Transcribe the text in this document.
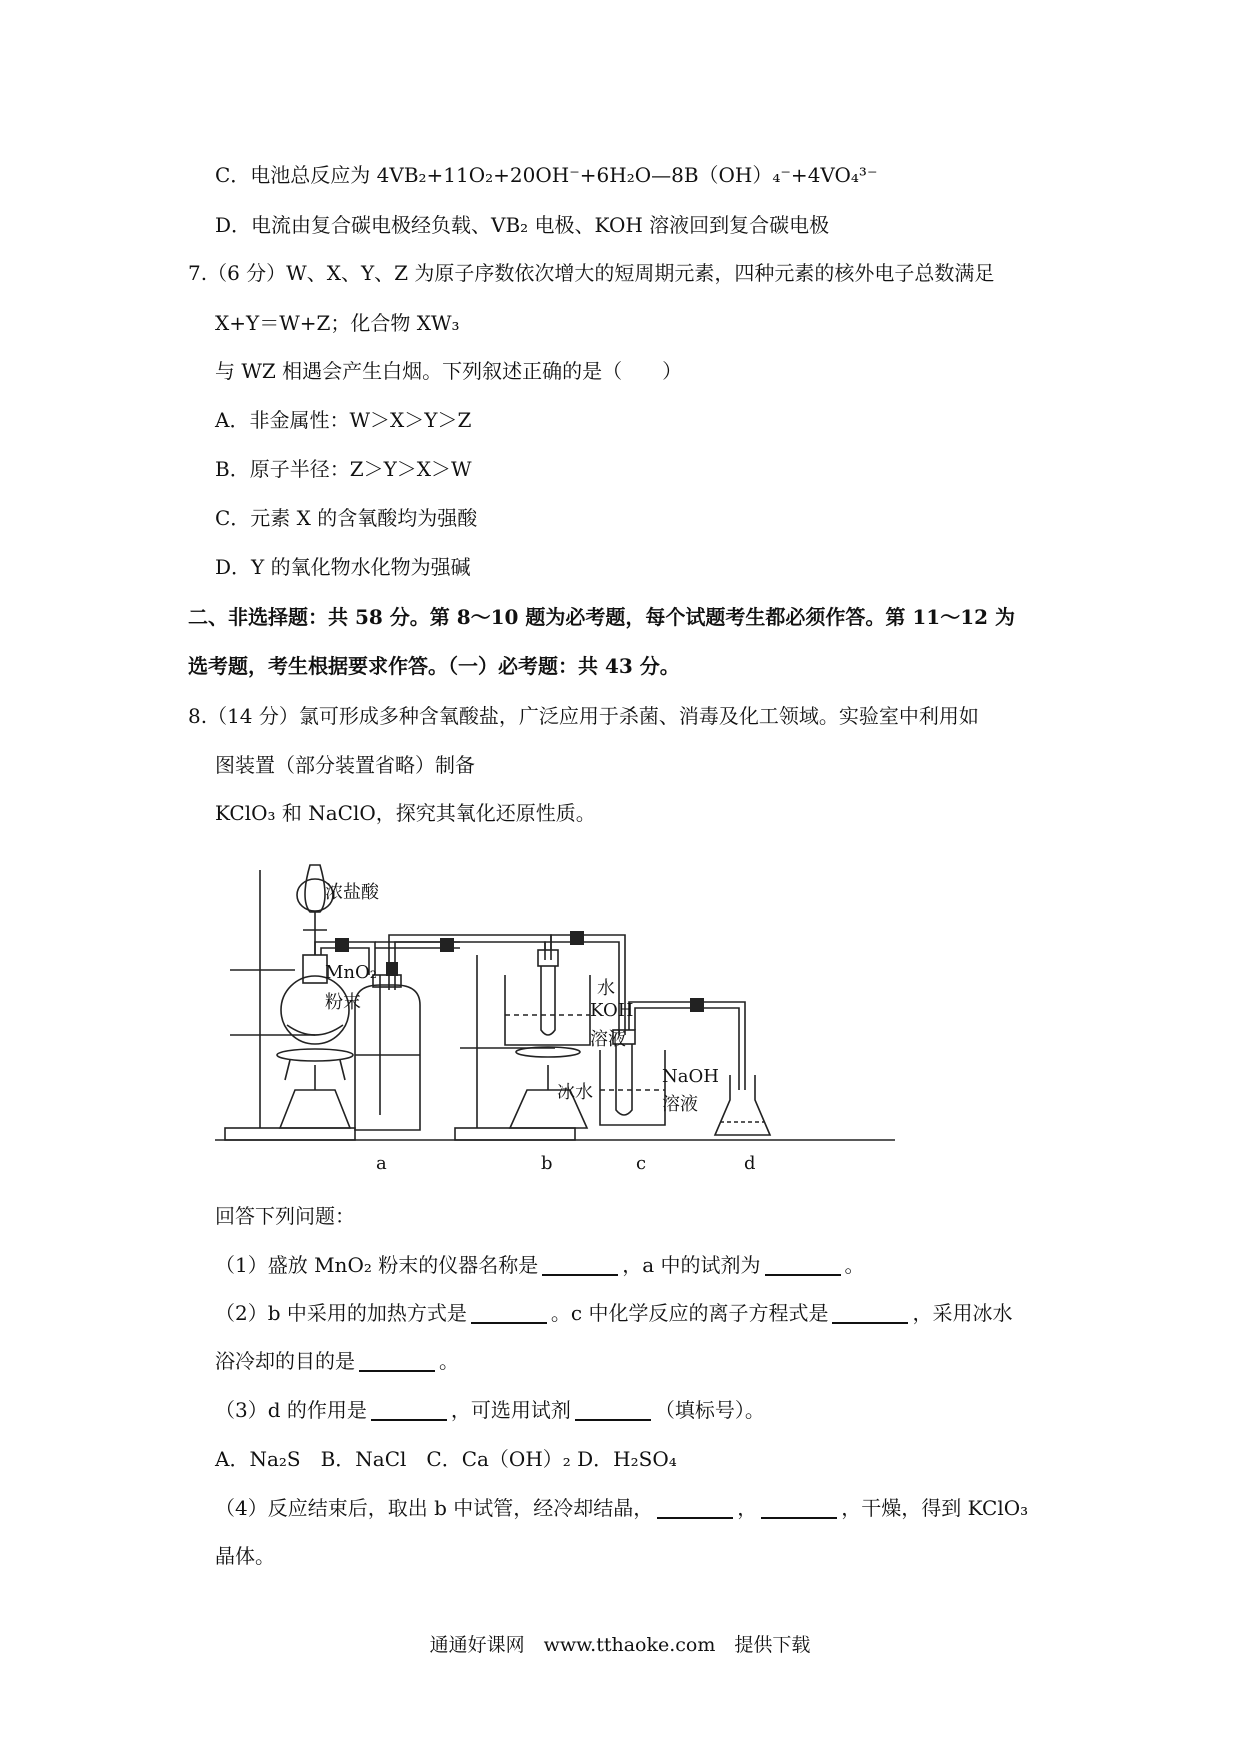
C．电池总反应为 4VB₂+11O₂+20OH⁻+6H₂O—8B（OH）₄⁻+4VO₄³⁻
D．电流由复合碳电极经负载、VB₂ 电极、KOH 溶液回到复合碳电极
7.（6 分）W、X、Y、Z 为原子序数依次增大的短周期元素，四种元素的核外电子总数满足
X+Y＝W+Z；化合物 XW₃
与 WZ 相遇会产生白烟。下列叙述正确的是（　　）
A．非金属性：W＞X＞Y＞Z
B．原子半径：Z＞Y＞X＞W
C．元素 X 的含氧酸均为强酸
D．Y 的氧化物水化物为强碱
二、非选择题：共 58 分。第 8～10 题为必考题，每个试题考生都必须作答。第 11～12 为
选考题，考生根据要求作答。（一）必考题：共 43 分。
8.（14 分）氯可形成多种含氧酸盐，广泛应用于杀菌、消毒及化工领域。实验室中利用如
图装置（部分装置省略）制备
KClO₃ 和 NaClO，探究其氧化还原性质。
浓盐酸
MnO₂
粉末
水
KOH
溶液
冰水
NaOH
溶液
a	b	c	d
回答下列问题：
（1）盛放 MnO₂ 粉末的仪器名称是	，a 中的试剂为	。
（2）b 中采用的加热方式是	。c 中化学反应的离子方程式是	，采用冰水
浴冷却的目的是	。
（3）d 的作用是	，可选用试剂	（填标号）。
A．Na₂S　B．NaCl　C．Ca（OH）₂ D．H₂SO₄
（4）反应结束后，取出 b 中试管，经冷却结晶，	，	，干燥，得到 KClO₃
晶体。
通通好课网　www.tthaoke.com　提供下载
